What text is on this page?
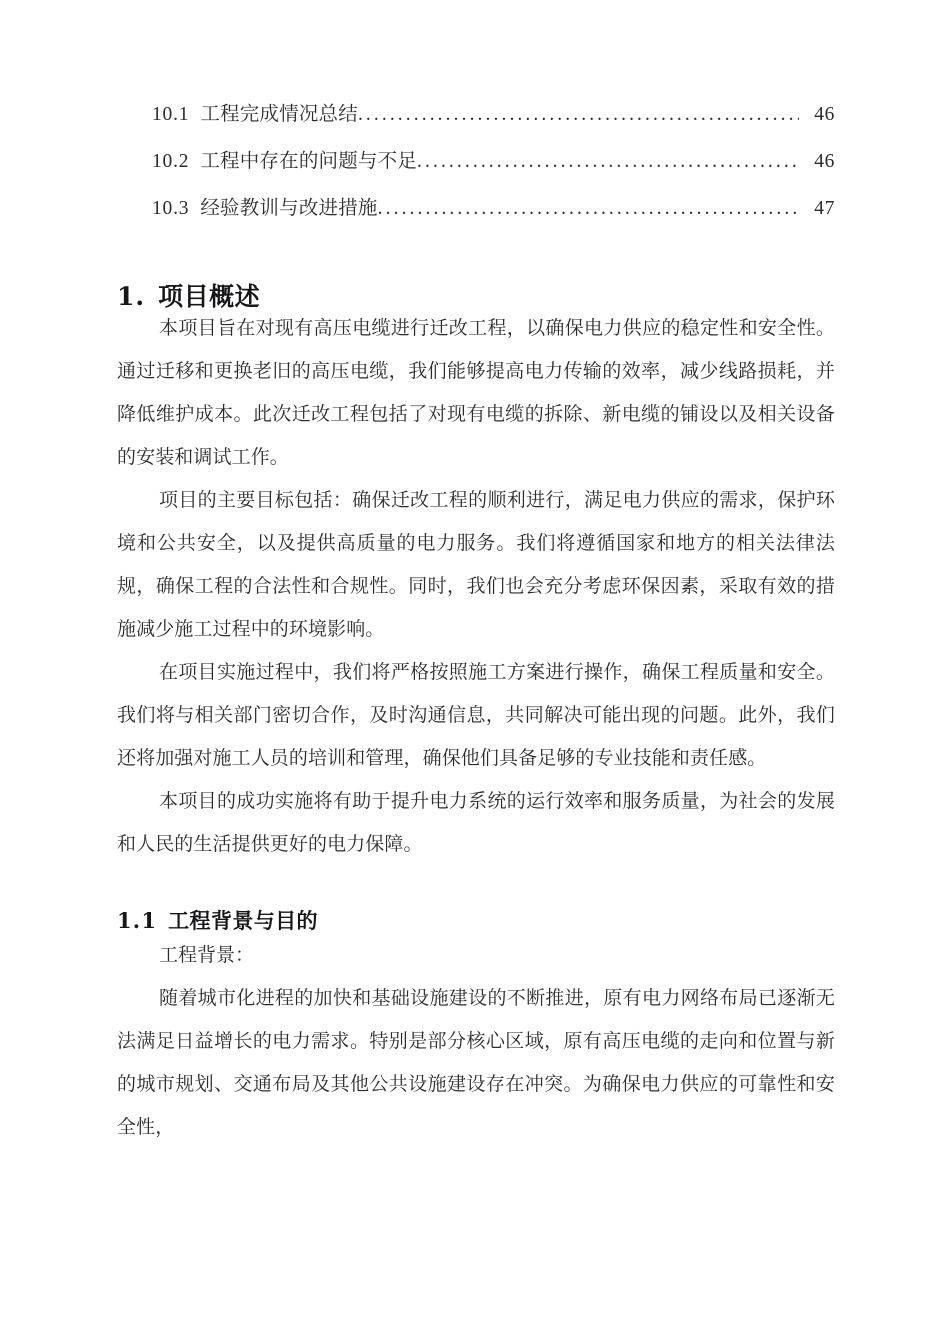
10.1 工程完成情况总结 .....	46
10.2 工程中存在的问题与不足 .....	46
10.3 经验教训与改进措施 .....	47
1. 项目概述

本项目旨在对现有高压电缆进行迁改工程，以确保电力供应的稳定性和安全性。通过迁移和更换老旧的高压电缆，我们能够提高电力传输的效率，减少线路损耗，并降低维护成本。此次迁改工程包括了对现有电缆的拆除、新电缆的铺设以及相关设备的安装和调试工作。

项目的主要目标包括：确保迁改工程的顺利进行，满足电力供应的需求，保护环境和公共安全，以及提供高质量的电力服务。我们将遵循国家和地方的相关法律法规，确保工程的合法性和合规性。同时，我们也会充分考虑环保因素，采取有效的措施减少施工过程中的环境影响。

在项目实施过程中，我们将严格按照施工方案进行操作，确保工程质量和安全。我们将与相关部门密切合作，及时沟通信息，共同解决可能出现的问题。此外，我们还将加强对施工人员的培训和管理，确保他们具备足够的专业技能和责任感。

本项目的成功实施将有助于提升电力系统的运行效率和服务质量，为社会的发展和人民的生活提供更好的电力保障。

1.1 工程背景与目的

工程背景：

随着城市化进程的加快和基础设施建设的不断推进，原有电力网络布局已逐渐无法满足日益增长的电力需求。特别是部分核心区域，原有高压电缆的走向和位置与新的城市规划、交通布局及其他公共设施建设存在冲突。为确保电力供应的可靠性和安全性，
